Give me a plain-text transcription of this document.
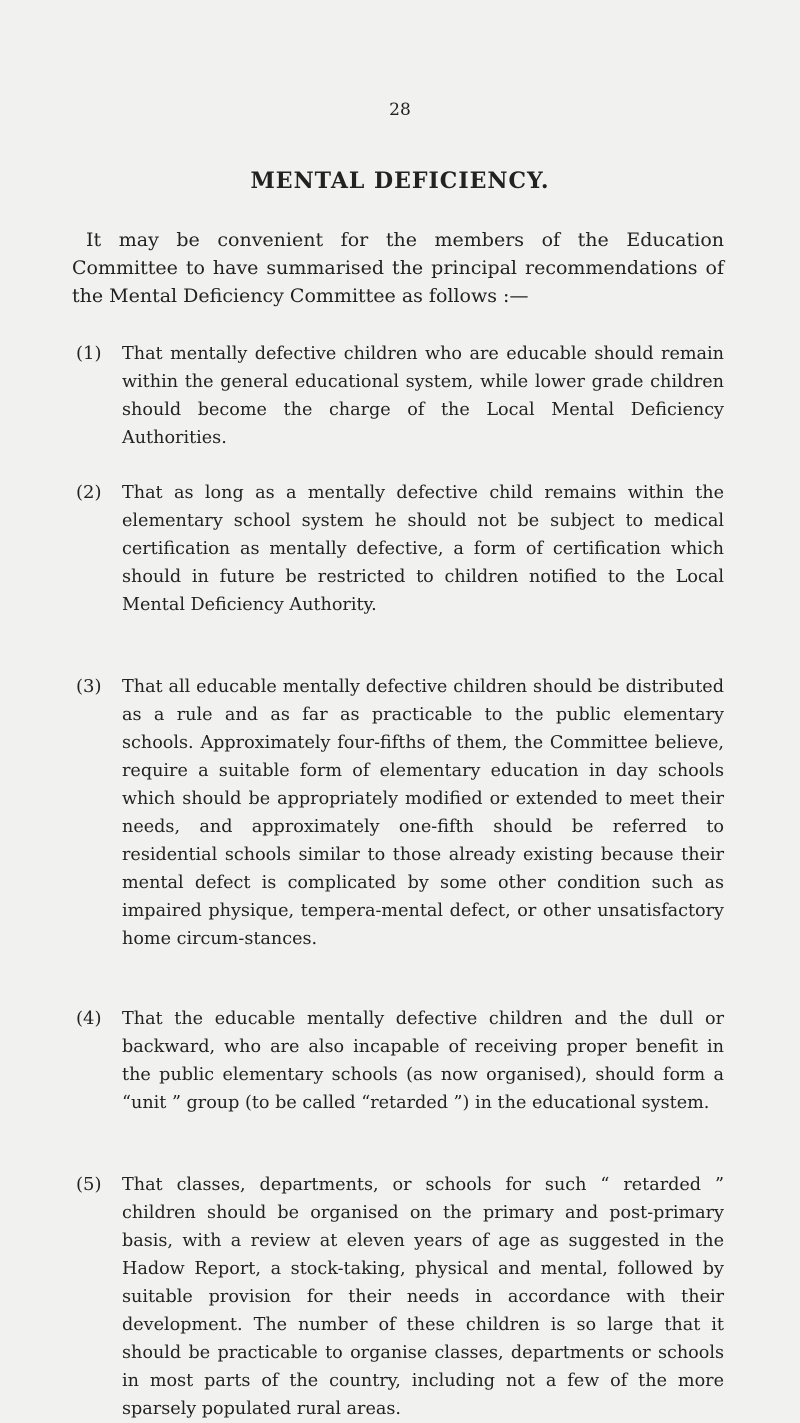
28
MENTAL DEFICIENCY.

It may be convenient for the members of the Education Committee to have summarised the principal recommendations of the Mental Deficiency Committee as follows :—

(1)	That mentally defective children who are educable should remain within the general educational system, while lower grade children should become the charge of the Local Mental Deficiency Authorities.

(2)	That as long as a mentally defective child remains within the elementary school system he should not be subject to medical certification as mentally defective, a form of certification which should in future be restricted to children notified to the Local Mental Deficiency Authority.

(3)	That all educable mentally defective children should be distributed as a rule and as far as practicable to the public elementary schools. Approximately four-fifths of them, the Committee believe, require a suitable form of elementary education in day schools which should be appropriately modified or extended to meet their needs, and approximately one-fifth should be referred to residential schools similar to those already existing because their mental defect is complicated by some other condition such as impaired physique, tempera-mental defect, or other unsatisfactory home circum-stances.

(4)	That the educable mentally defective children and the dull or backward, who are also incapable of receiving proper benefit in the public elementary schools (as now organised), should form a “unit ” group (to be called “retarded ”) in the educational system.

(5)	That classes, departments, or schools for such “ retarded ” children should be organised on the primary and post-primary basis, with a review at eleven years of age as suggested in the Hadow Report, a stock-taking, physical and mental, followed by suitable provision for their needs in accordance with their development. The number of these children is so large that it should be practicable to organise classes, departments or schools in most parts of the country, including not a few of the more sparsely populated rural areas.
